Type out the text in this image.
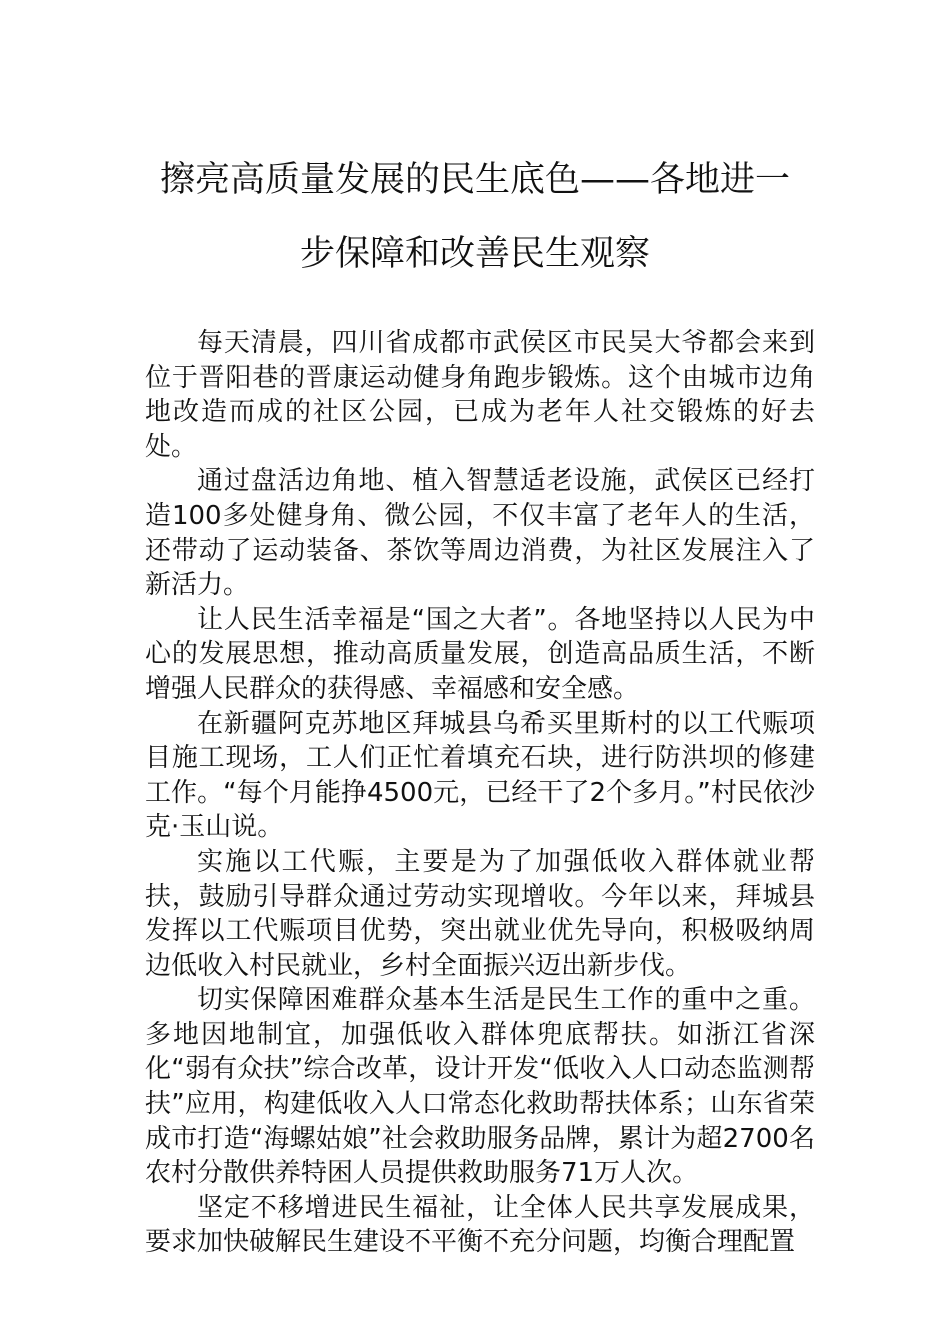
擦亮高质量发展的民生底色——各地进一
步保障和改善民生观察

每天清晨，四川省成都市武侯区市民吴大爷都会来到位于晋阳巷的晋康运动健身角跑步锻炼。这个由城市边角地改造而成的社区公园，已成为老年人社交锻炼的好去处。

通过盘活边角地、植入智慧适老设施，武侯区已经打造100多处健身角、微公园，不仅丰富了老年人的生活，还带动了运动装备、茶饮等周边消费，为社区发展注入了新活力。

让人民生活幸福是“国之大者”。各地坚持以人民为中心的发展思想，推动高质量发展，创造高品质生活，不断增强人民群众的获得感、幸福感和安全感。

在新疆阿克苏地区拜城县乌希买里斯村的以工代赈项目施工现场，工人们正忙着填充石块，进行防洪坝的修建工作。“每个月能挣4500元，已经干了2个多月。”村民依沙克·玉山说。

实施以工代赈，主要是为了加强低收入群体就业帮扶，鼓励引导群众通过劳动实现增收。今年以来，拜城县发挥以工代赈项目优势，突出就业优先导向，积极吸纳周边低收入村民就业，乡村全面振兴迈出新步伐。

切实保障困难群众基本生活是民生工作的重中之重。多地因地制宜，加强低收入群体兜底帮扶。如浙江省深化“弱有众扶”综合改革，设计开发“低收入人口动态监测帮扶”应用，构建低收入人口常态化救助帮扶体系；山东省荣成市打造“海螺姑娘”社会救助服务品牌，累计为超2700名农村分散供养特困人员提供救助服务71万人次。

坚定不移增进民生福祉，让全体人民共享发展成果，要求加快破解民生建设不平衡不充分问题，均衡合理配置
